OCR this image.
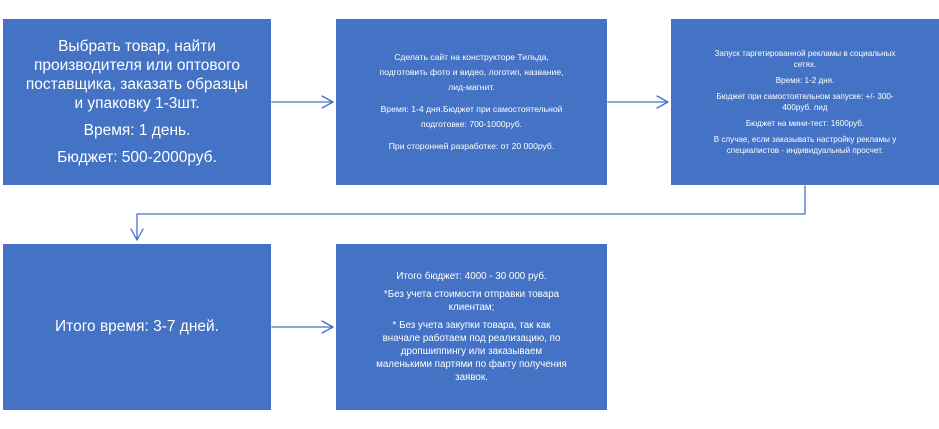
Выбрать товар, найти

производителя или оптового

поставщика, заказать образцы

и упаковку 1-3шт.

Время: 1 день.

Бюджет: 500-2000руб.

Сделать сайт на конструкторе Тильда,

подготовить фото и видео, логотип, название,

лид-магнит.

Время: 1-4 дня.Бюджет при самостоятельной

подготовке: 700-1000руб.

При сторонней разработке: от 20 000руб.

Запуск таргетированной рекламы в социальных

сетях.

Время: 1-2 дня.

Бюджет при самостоятельном запуске: +/- 300-

400руб. лид

Бюджет на мини-тест: 1600руб.

В случае, если заказывать настройку рекламы у

специалистов - индивидуальный просчет.

Итого время: 3-7 дней.

Итого бюджет: 4000 - 30 000 руб.

*Без учета стоимости отправки товара

клиентам;

* Без учета закупки товара, так как

вначале работаем под реализацию, по

дропшиппингу или заказываем

маленькими партями по факту получения

заявок.
